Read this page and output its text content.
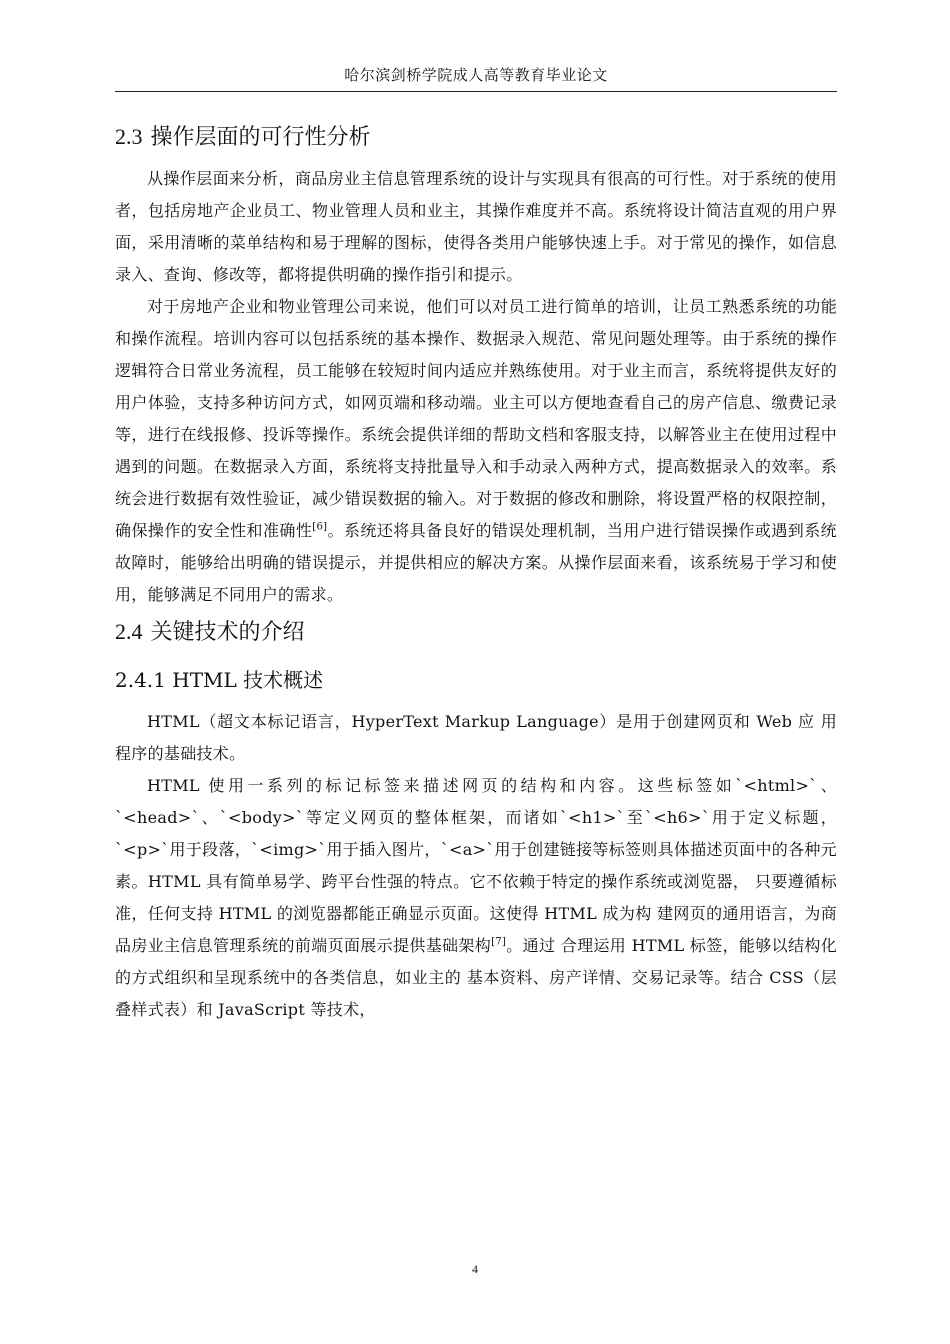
哈尔滨剑桥学院成人高等教育毕业论文
2.3 操作层面的可行性分析

从操作层面来分析，商品房业主信息管理系统的设计与实现具有很高的可行性。对于系统的使用者，包括房地产企业员工、物业管理人员和业主，其操作难度并不高。系统将设计简洁直观的用户界面，采用清晰的菜单结构和易于理解的图标，使得各类用户能够快速上手。对于常见的操作，如信息录入、查询、修改等，都将提供明确的操作指引和提示。

对于房地产企业和物业管理公司来说，他们可以对员工进行简单的培训，让员工熟悉系统的功能和操作流程。培训内容可以包括系统的基本操作、数据录入规范、常见问题处理等。由于系统的操作逻辑符合日常业务流程，员工能够在较短时间内适应并熟练使用。对于业主而言，系统将提供友好的用户体验，支持多种访问方式，如网页端和移动端。业主可以方便地查看自己的房产信息、缴费记录等，进行在线报修、投诉等操作。系统会提供详细的帮助文档和客服支持，以解答业主在使用过程中遇到的问题。在数据录入方面，系统将支持批量导入和手动录入两种方式，提高数据录入的效率。系统会进行数据有效性验证，减少错误数据的输入。对于数据的修改和删除，将设置严格的权限控制，确保操作的安全性和准确性[6]。系统还将具备良好的错误处理机制，当用户进行错误操作或遇到系统故障时，能够给出明确的错误提示，并提供相应的解决方案。从操作层面来看，该系统易于学习和使用，能够满足不同用户的需求。

2.4 关键技术的介绍
2.4.1 HTML 技术概述

HTML（超文本标记语言，HyperText Markup Language）是用于创建网页和 Web 应 用程序的基础技术。

HTML 使用一系列的标记标签来描述网页的结构和内容。这些标签如`<html>`、`<head>`、`<body>`等定义网页的整体框架，而诸如`<h1>`至`<h6>`用于定义标题，`<p>`用于段落，`<img>`用于插入图片，`<a>`用于创建链接等标签则具体描述页面中的各种元素。HTML 具有简单易学、跨平台性强的特点。它不依赖于特定的操作系统或浏览器， 只要遵循标准，任何支持 HTML 的浏览器都能正确显示页面。这使得 HTML 成为构 建网页的通用语言，为商品房业主信息管理系统的前端页面展示提供基础架构[7]。通过 合理运用 HTML 标签，能够以结构化的方式组织和呈现系统中的各类信息，如业主的 基本资料、房产详情、交易记录等。结合 CSS（层叠样式表）和 JavaScript 等技术，

4
